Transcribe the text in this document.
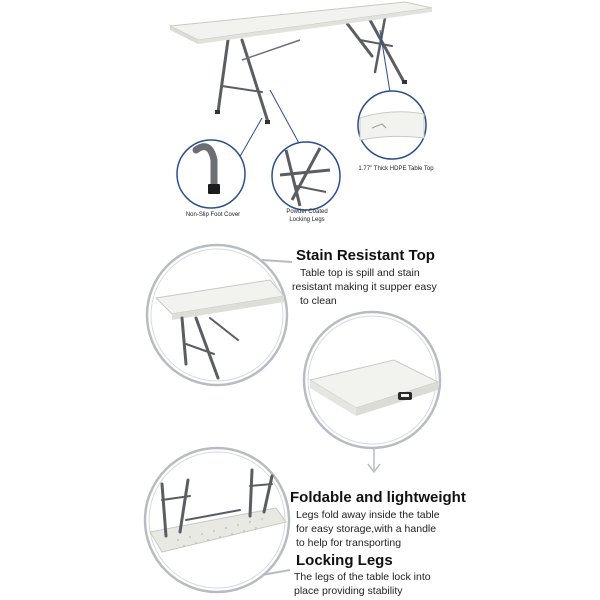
Non-Slip Foot Cover	Powder Coated
Locking Legs
1.77" Thick HDPE Table Top
Stain Resistant Top
Table top is spill and stain
resistant making it supper easy
to clean
Foldable and lightweight
Legs fold away inside the table
for easy storage,with a handle
to help for transporting
Locking Legs
The legs of the table lock into
place providing stability
